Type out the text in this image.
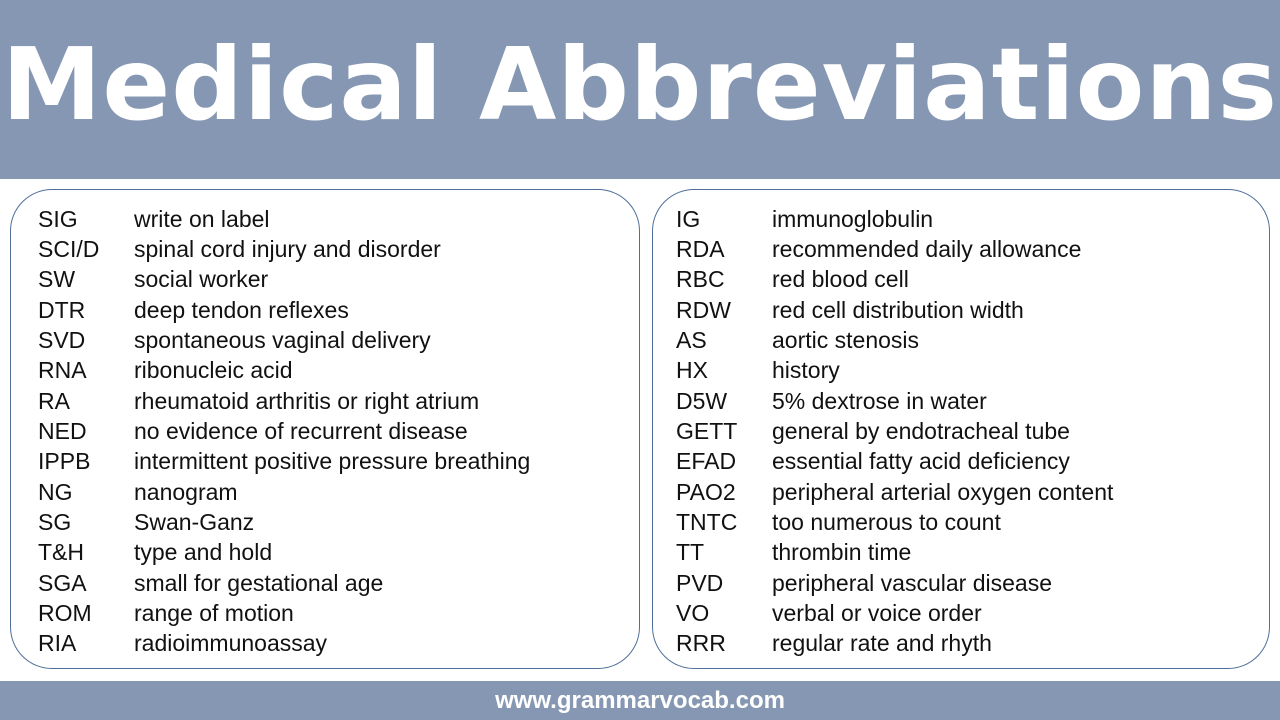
Medical Abbreviations
SIG write on label
SCI/D spinal cord injury and disorder
SW	social worker
DTR deep tendon reflexes
SVD spontaneous vaginal delivery
RNA ribonucleic acid
RA	rheumatoid arthritis or right atrium
NED no evidence of recurrent disease
IPPB intermittent positive pressure breathing
NG	nanogram
SG	Swan-Ganz
T&H type and hold
SGA small for gestational age
ROM range of motion
RIA	radioimmunoassay
IG	immunoglobulin
RDA recommended daily allowance
RBC red blood cell
RDW red cell distribution width
AS	aortic stenosis
HX	history
D5W 5% dextrose in water
GETT general by endotracheal tube
EFAD essential fatty acid deficiency
PAO2 peripheral arterial oxygen content
TNTC too numerous to count
TT	thrombin time
PVD peripheral vascular disease
VO	verbal or voice order
RRR regular rate and rhyth
www.grammarvocab.com
